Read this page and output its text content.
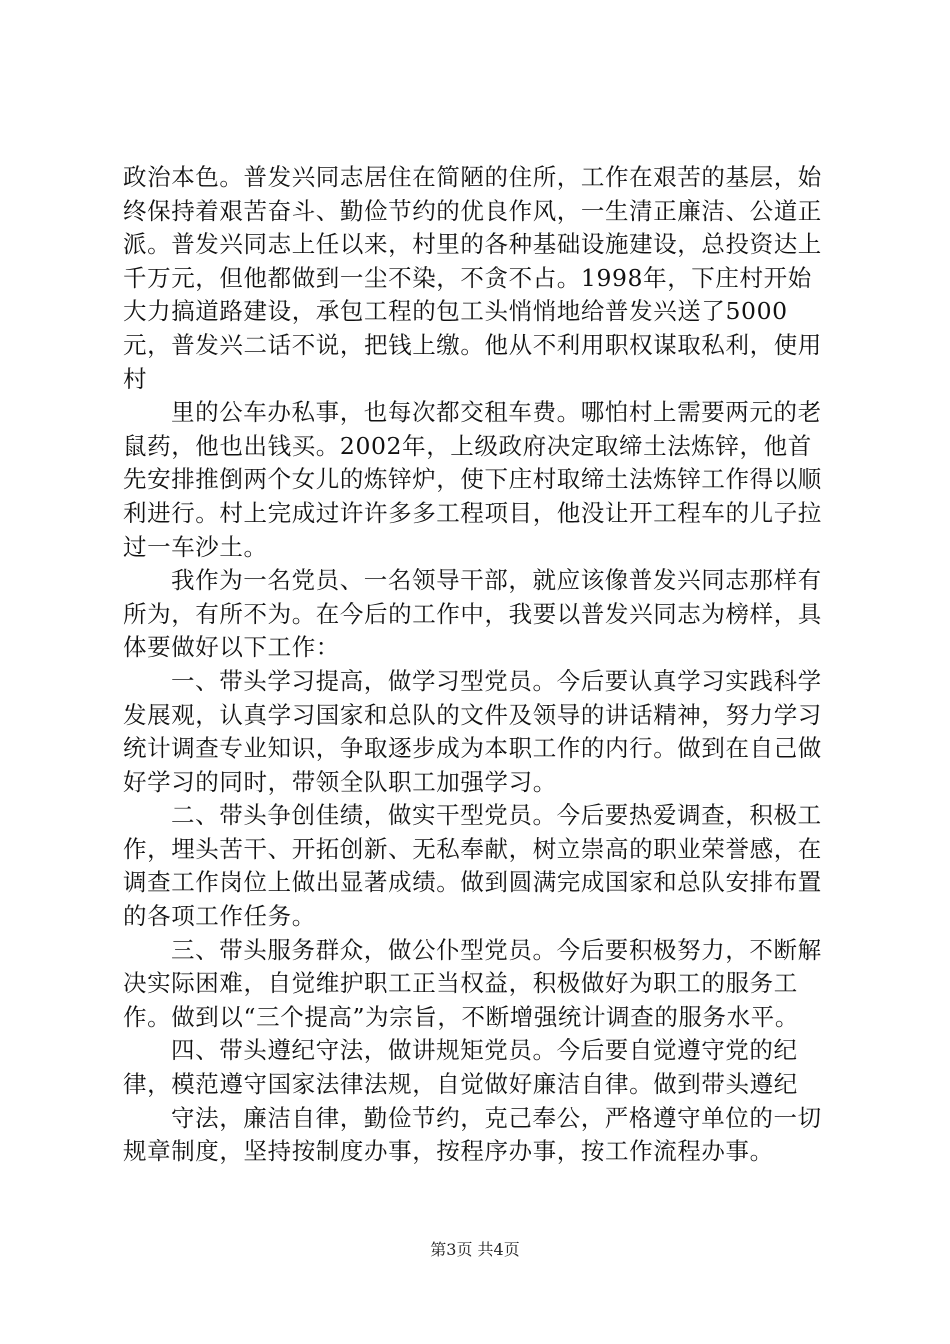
政治本色。普发兴同志居住在简陋的住所，工作在艰苦的基层，始终保持着艰苦奋斗、勤俭节约的优良作风，一生清正廉洁、公道正派。普发兴同志上任以来，村里的各种基础设施建设，总投资达上千万元，但他都做到一尘不染，不贪不占。1998年，下庄村开始大力搞道路建设，承包工程的包工头悄悄地给普发兴送了5000元，普发兴二话不说，把钱上缴。他从不利用职权谋取私利，使用村

里的公车办私事，也每次都交租车费。哪怕村上需要两元的老鼠药，他也出钱买。2002年，上级政府决定取缔土法炼锌，他首先安排推倒两个女儿的炼锌炉，使下庄村取缔土法炼锌工作得以顺利进行。村上完成过许许多多工程项目，他没让开工程车的儿子拉过一车沙土。

我作为一名党员、一名领导干部，就应该像普发兴同志那样有所为，有所不为。在今后的工作中，我要以普发兴同志为榜样，具体要做好以下工作：

一、带头学习提高，做学习型党员。今后要认真学习实践科学发展观，认真学习国家和总队的文件及领导的讲话精神，努力学习统计调查专业知识，争取逐步成为本职工作的内行。做到在自己做好学习的同时，带领全队职工加强学习。

二、带头争创佳绩，做实干型党员。今后要热爱调查，积极工作，埋头苦干、开拓创新、无私奉献，树立崇高的职业荣誉感，在调查工作岗位上做出显著成绩。做到圆满完成国家和总队安排布置的各项工作任务。

三、带头服务群众，做公仆型党员。今后要积极努力，不断解决实际困难，自觉维护职工正当权益，积极做好为职工的服务工作。做到以“三个提高”为宗旨，不断增强统计调查的服务水平。

四、带头遵纪守法，做讲规矩党员。今后要自觉遵守党的纪律，模范遵守国家法律法规，自觉做好廉洁自律。做到带头遵纪

守法，廉洁自律，勤俭节约，克己奉公，严格遵守单位的一切规章制度，坚持按制度办事，按程序办事，按工作流程办事。

第3页 共4页
